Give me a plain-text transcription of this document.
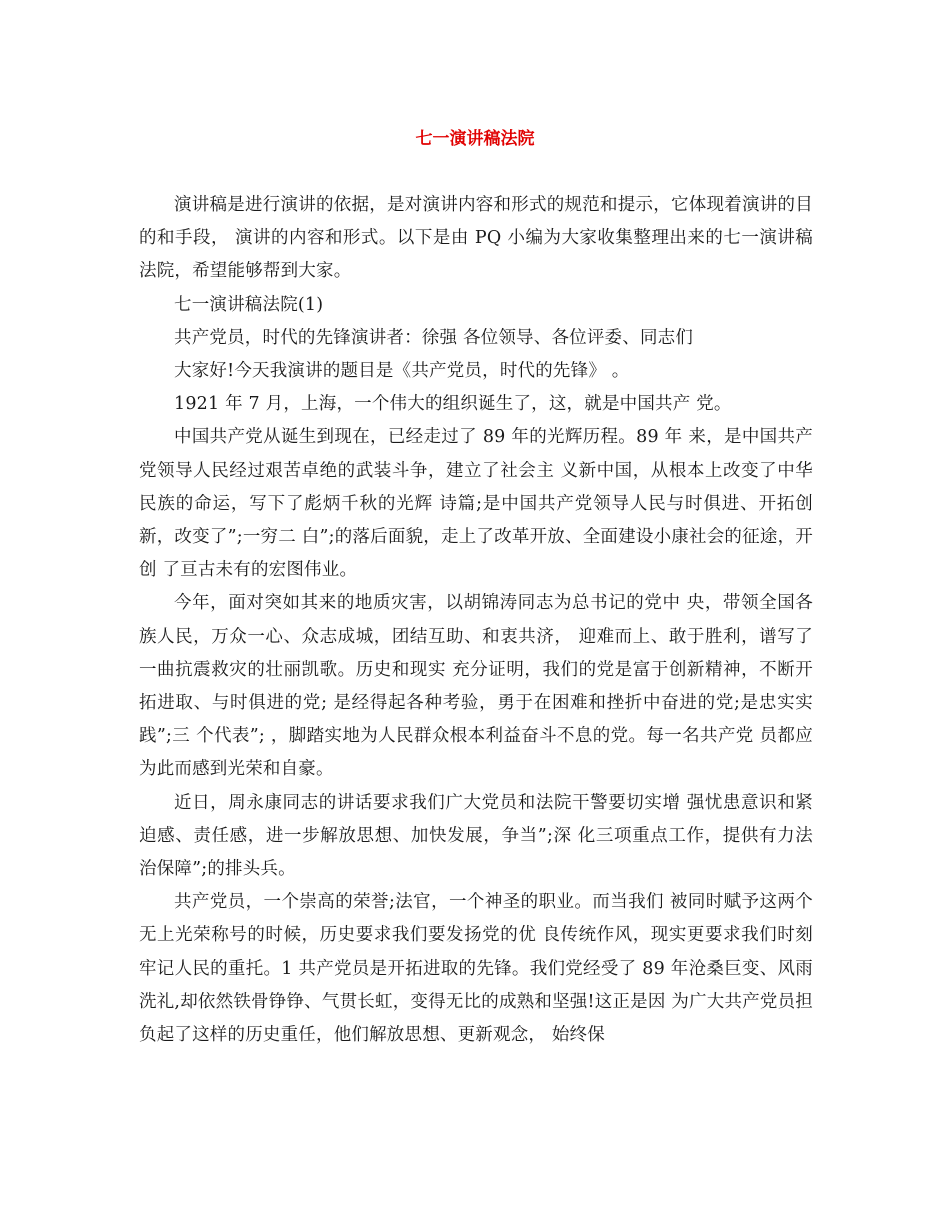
七一演讲稿法院

演讲稿是进行演讲的依据，是对演讲内容和形式的规范和提示，它体现着演讲的目的和手段， 演讲的内容和形式。以下是由 PQ 小编为大家收集整理出来的七一演讲稿法院，希望能够帮到大家。

七一演讲稿法院(1)

共产党员，时代的先锋演讲者：徐强 各位领导、各位评委、同志们

大家好!今天我演讲的题目是《共产党员，时代的先锋》 。

1921 年 7 月，上海，一个伟大的组织诞生了，这，就是中国共产 党。

中国共产党从诞生到现在，已经走过了 89 年的光辉历程。89 年 来，是中国共产党领导人民经过艰苦卓绝的武装斗争，建立了社会主 义新中国，从根本上改变了中华民族的命运，写下了彪炳千秋的光辉 诗篇;是中国共产党领导人民与时俱进、开拓创新，改变了”;一穷二 白”;的落后面貌，走上了改革开放、全面建设小康社会的征途，开创 了亘古未有的宏图伟业。

今年，面对突如其来的地质灾害，以胡锦涛同志为总书记的党中 央，带领全国各族人民，万众一心、众志成城，团结互助、和衷共济， 迎难而上、敢于胜利，谱写了一曲抗震救灾的壮丽凯歌。历史和现实 充分证明，我们的党是富于创新精神，不断开拓进取、与时俱进的党; 是经得起各种考验，勇于在困难和挫折中奋进的党;是忠实实践”;三 个代表”; ，脚踏实地为人民群众根本利益奋斗不息的党。每一名共产党 员都应为此而感到光荣和自豪。

近日，周永康同志的讲话要求我们广大党员和法院干警要切实增 强忧患意识和紧迫感、责任感，进一步解放思想、加快发展，争当”;深 化三项重点工作，提供有力法治保障”;的排头兵。

共产党员，一个崇高的荣誉;法官，一个神圣的职业。而当我们 被同时赋予这两个无上光荣称号的时候，历史要求我们要发扬党的优 良传统作风，现实更要求我们时刻牢记人民的重托。1 共产党员是开拓进取的先锋。我们党经受了 89 年沧桑巨变、风雨 洗礼,却依然铁骨铮铮、气贯长虹，变得无比的成熟和坚强!这正是因 为广大共产党员担负起了这样的历史重任，他们解放思想、更新观念， 始终保
